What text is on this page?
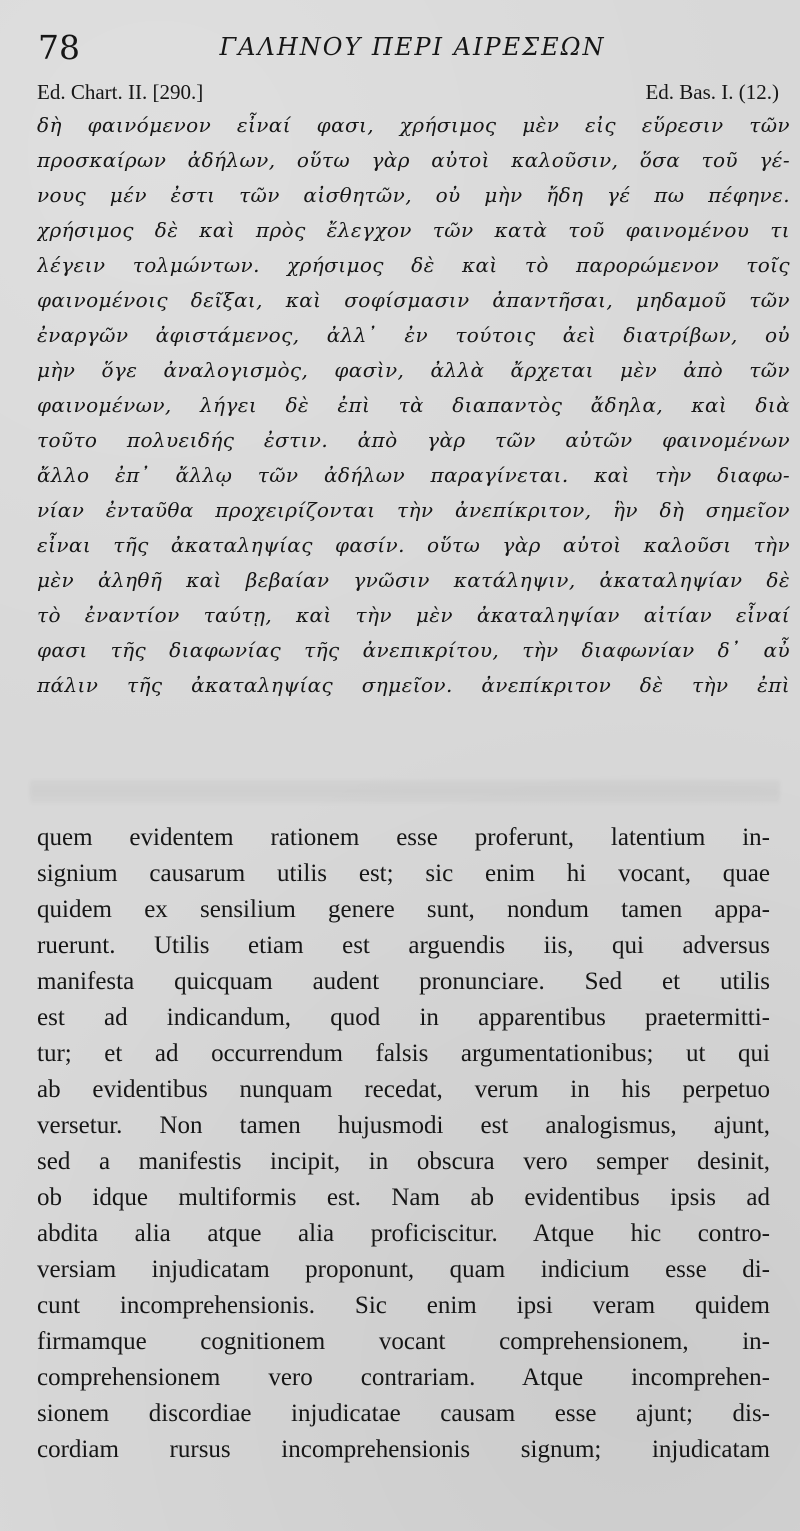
78	ΓΑΛΗΝΟΥ ΠΕΡΙ ΑΙΡΕΣΕΩΝ
Ed. Chart. II. [290.]	Ed. Bas. I. (12.)
δὴ φαινόμενον εἶναί φασι, χρήσιμος μὲν εἰς εὕρεσιν τῶν
προσκαίρων ἀδήλων, οὕτω γὰρ αὐτοὶ καλοῦσιν, ὅσα τοῦ γέ-
νους μέν ἐστι τῶν αἰσθητῶν, οὐ μὴν ἤδη γέ πω πέφηνε.
χρήσιμος δὲ καὶ πρὸς ἔλεγχον τῶν κατὰ τοῦ φαινομένου τι
λέγειν τολμώντων. χρήσιμος δὲ καὶ τὸ παρορώμενον τοῖς
φαινομένοις δεῖξαι, καὶ σοφίσμασιν ἀπαντῆσαι, μηδαμοῦ τῶν
ἐναργῶν ἀφιστάμενος, ἀλλ᾽ ἐν τούτοις ἀεὶ διατρίβων, οὐ
μὴν ὅγε ἀναλογισμὸς, φασὶν, ἀλλὰ ἄρχεται μὲν ἀπὸ τῶν
φαινομένων, λήγει δὲ ἐπὶ τὰ διαπαντὸς ἄδηλα, καὶ διὰ
τοῦτο πολυειδής ἐστιν. ἀπὸ γὰρ τῶν αὐτῶν φαινομένων
ἄλλο ἐπ᾽ ἄλλῳ τῶν ἀδήλων παραγίνεται. καὶ τὴν διαφω-
νίαν ἐνταῦθα προχειρίζονται τὴν ἀνεπίκριτον, ἣν δὴ σημεῖον
εἶναι τῆς ἀκαταληψίας φασίν. οὕτω γὰρ αὐτοὶ καλοῦσι τὴν
μὲν ἀληθῆ καὶ βεβαίαν γνῶσιν κατάληψιν, ἀκαταληψίαν δὲ
τὸ ἐναντίον ταύτῃ, καὶ τὴν μὲν ἀκαταληψίαν αἰτίαν εἶναί
φασι τῆς διαφωνίας τῆς ἀνεπικρίτου, τὴν διαφωνίαν δ᾽ αὖ
πάλιν τῆς ἀκαταληψίας σημεῖον. ἀνεπίκριτον δὲ τὴν ἐπὶ
quem evidentem rationem esse proferunt, latentium in-
signium causarum utilis est; sic enim hi vocant, quae
quidem ex sensilium genere sunt, nondum tamen appa-
ruerunt. Utilis etiam est arguendis iis, qui adversus
manifesta quicquam audent pronunciare. Sed et utilis
est ad indicandum, quod in apparentibus praetermitti-
tur; et ad occurrendum falsis argumentationibus; ut qui
ab evidentibus nunquam recedat, verum in his perpetuo
versetur. Non tamen hujusmodi est analogismus, ajunt,
sed a manifestis incipit, in obscura vero semper desinit,
ob idque multiformis est. Nam ab evidentibus ipsis ad
abdita alia atque alia proficiscitur. Atque hic contro-
versiam injudicatam proponunt, quam indicium esse di-
cunt incomprehensionis. Sic enim ipsi veram quidem
firmamque cognitionem vocant comprehensionem, in-
comprehensionem vero contrariam. Atque incomprehen-
sionem discordiae injudicatae causam esse ajunt; dis-
cordiam rursus incomprehensionis signum; injudicatam
